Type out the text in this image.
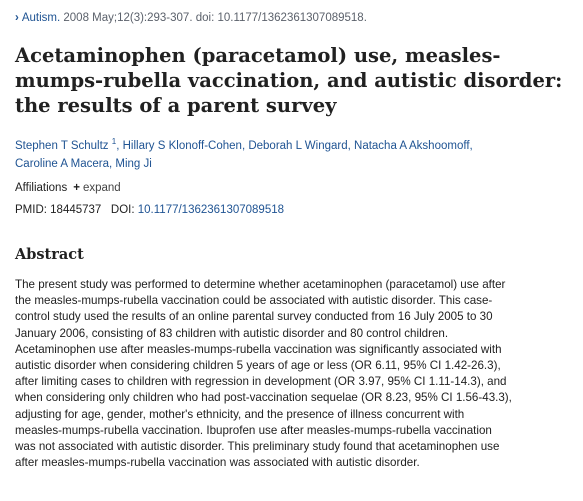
› Autism. 2008 May;12(3):293-307. doi: 10.1177/1362361307089518.
Acetaminophen (paracetamol) use, measles-
mumps-rubella vaccination, and autistic disorder:
the results of a parent survey
Stephen T Schultz $^1$, Hillary S Klonoff-Cohen, Deborah L Wingard, Natacha A Akshoomoff,
Caroline A Macera, Ming Ji
Affiliations + expand
PMID: 18445737 DOI: 10.1177/1362361307089518
Abstract

The present study was performed to determine whether acetaminophen (paracetamol) use after
the measles-mumps-rubella vaccination could be associated with autistic disorder. This case-
control study used the results of an online parental survey conducted from 16 July 2005 to 30
January 2006, consisting of 83 children with autistic disorder and 80 control children.
Acetaminophen use after measles-mumps-rubella vaccination was significantly associated with
autistic disorder when considering children 5 years of age or less (OR 6.11, 95% CI 1.42-26.3),
after limiting cases to children with regression in development (OR 3.97, 95% CI 1.11-14.3), and
when considering only children who had post-vaccination sequelae (OR 8.23, 95% CI 1.56-43.3),
adjusting for age, gender, mother's ethnicity, and the presence of illness concurrent with
measles-mumps-rubella vaccination. Ibuprofen use after measles-mumps-rubella vaccination
was not associated with autistic disorder. This preliminary study found that acetaminophen use
after measles-mumps-rubella vaccination was associated with autistic disorder.
